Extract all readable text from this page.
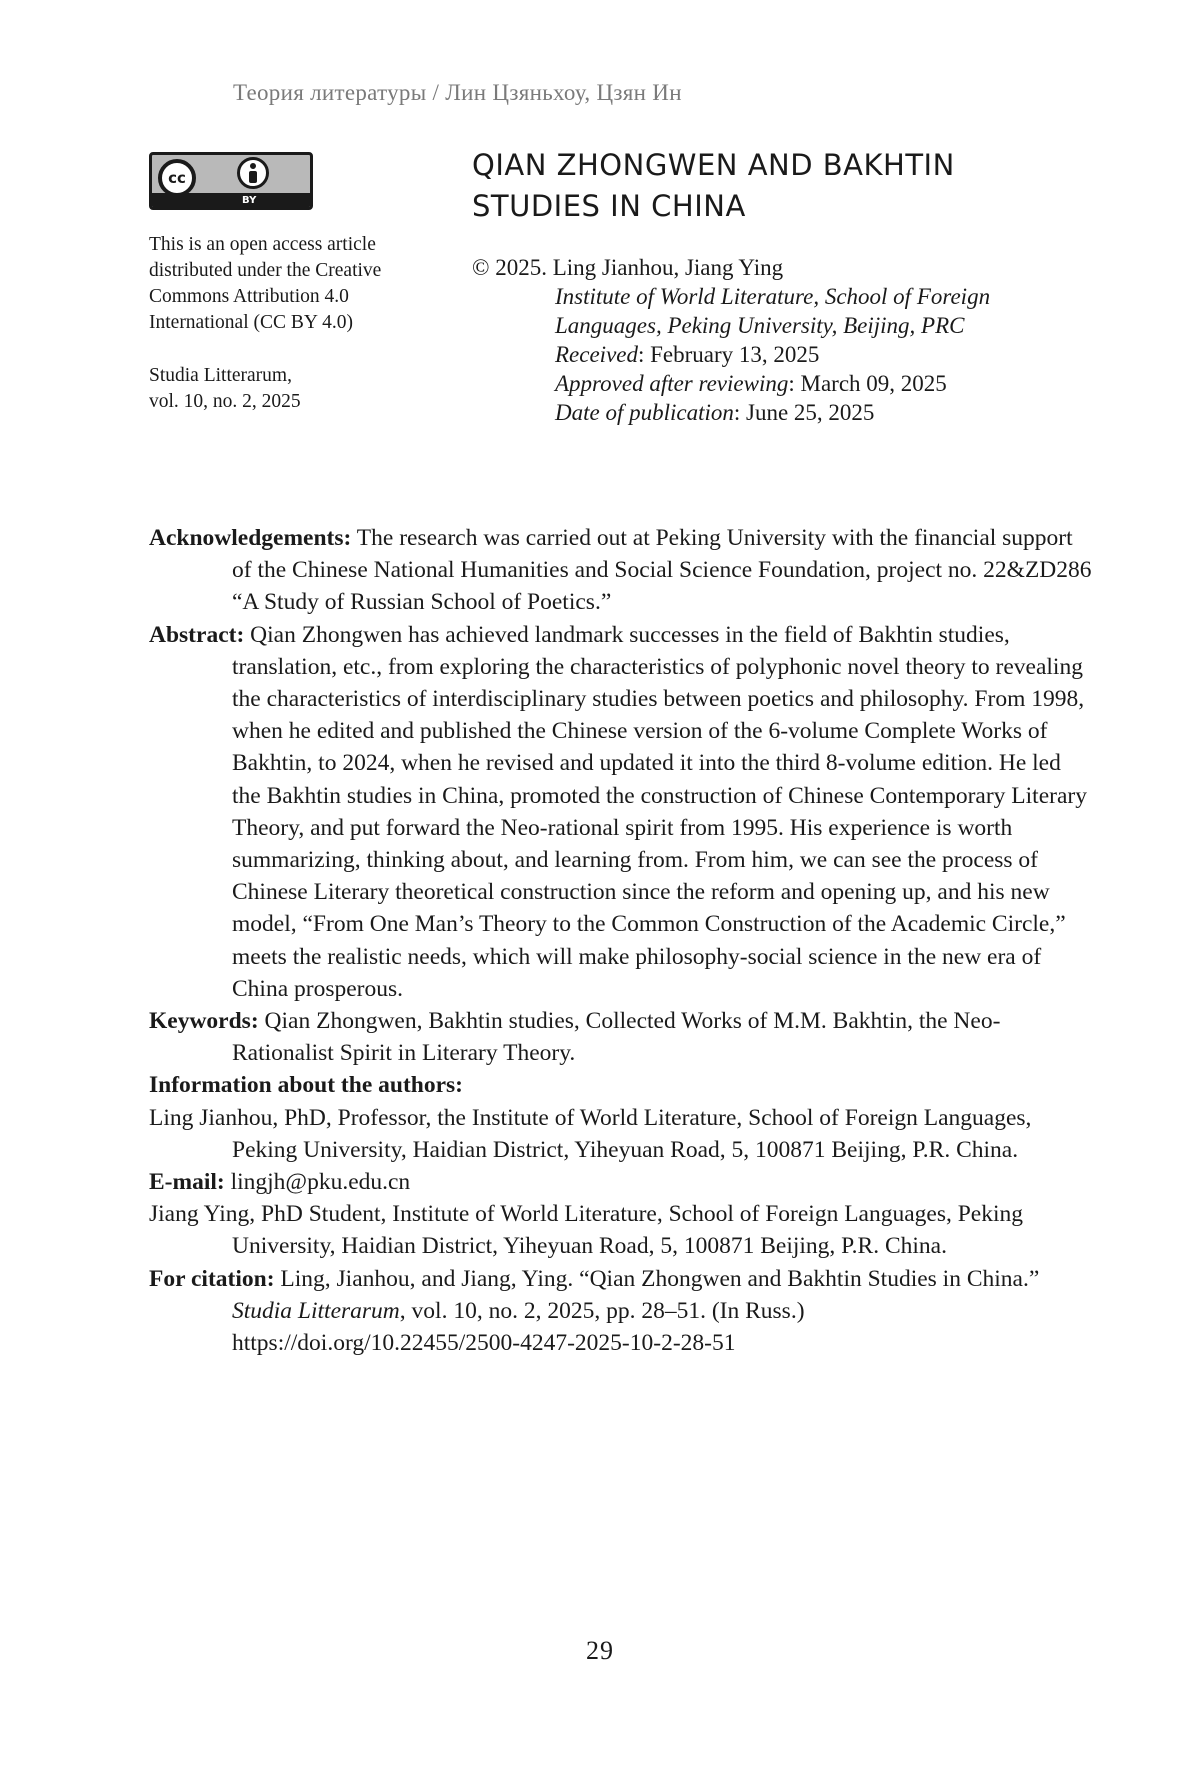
Теория литературы / Лин Цзяньхоу, Цзян Ин
cc
BY
This is an open access article
distributed under the Creative
Commons Attribution 4.0
International (CC BY 4.0)
Studia Litterarum,
vol. 10, no. 2, 2025
QIAN ZHONGWEN AND BAKHTIN
STUDIES IN CHINA
© 2025. Ling Jianhou, Jiang Ying
Institute of World Literature, School of Foreign
Languages, Peking University, Beijing, PRC
Received: February 13, 2025
Approved after reviewing: March 09, 2025
Date of publication: June 25, 2025

Acknowledgements: The research was carried out at Peking University with the financial support of the Chinese National Humanities and Social Science Foundation, project no. 22&ZD286 “A Study of Russian School of Poetics.”

Abstract: Qian Zhongwen has achieved landmark successes in the field of Bakhtin studies, translation, etc., from exploring the characteristics of polyphonic novel theory to revealing the characteristics of interdisciplinary studies between poetics and philosophy. From 1998, when he edited and published the Chinese version of the 6-volume Complete Works of Bakhtin, to 2024, when he revised and updated it into the third 8-volume edition. He led the Bakhtin studies in China, promoted the construction of Chinese Contemporary Literary Theory, and put forward the Neo-rational spirit from 1995. His experience is worth summarizing, thinking about, and learning from. From him, we can see the process of Chinese Literary theoretical construction since the reform and opening up, and his new model, “From One Man’s Theory to the Common Construction of the Academic Circle,” meets the realistic needs, which will make philosophy-social science in the new era of China prosperous.

Keywords: Qian Zhongwen, Bakhtin studies, Collected Works of M.M. Bakhtin, the Neo-Rationalist Spirit in Literary Theory.

Information about the authors:

Ling Jianhou, PhD, Professor, the Institute of World Literature, School of Foreign Languages, Peking University, Haidian District, Yiheyuan Road, 5, 100871 Beijing, P.R. China.

E-mail: lingjh@pku.edu.cn

Jiang Ying, PhD Student, Institute of World Literature, School of Foreign Languages, Peking University, Haidian District, Yiheyuan Road, 5, 100871 Beijing, P.R. China.

For citation: Ling, Jianhou, and Jiang, Ying. “Qian Zhongwen and Bakhtin Studies in China.” Studia Litterarum, vol. 10, no. 2, 2025, pp. 28–51. (In Russ.) https://doi.org/10.22455/2500-4247-2025-10-2-28-51

29
